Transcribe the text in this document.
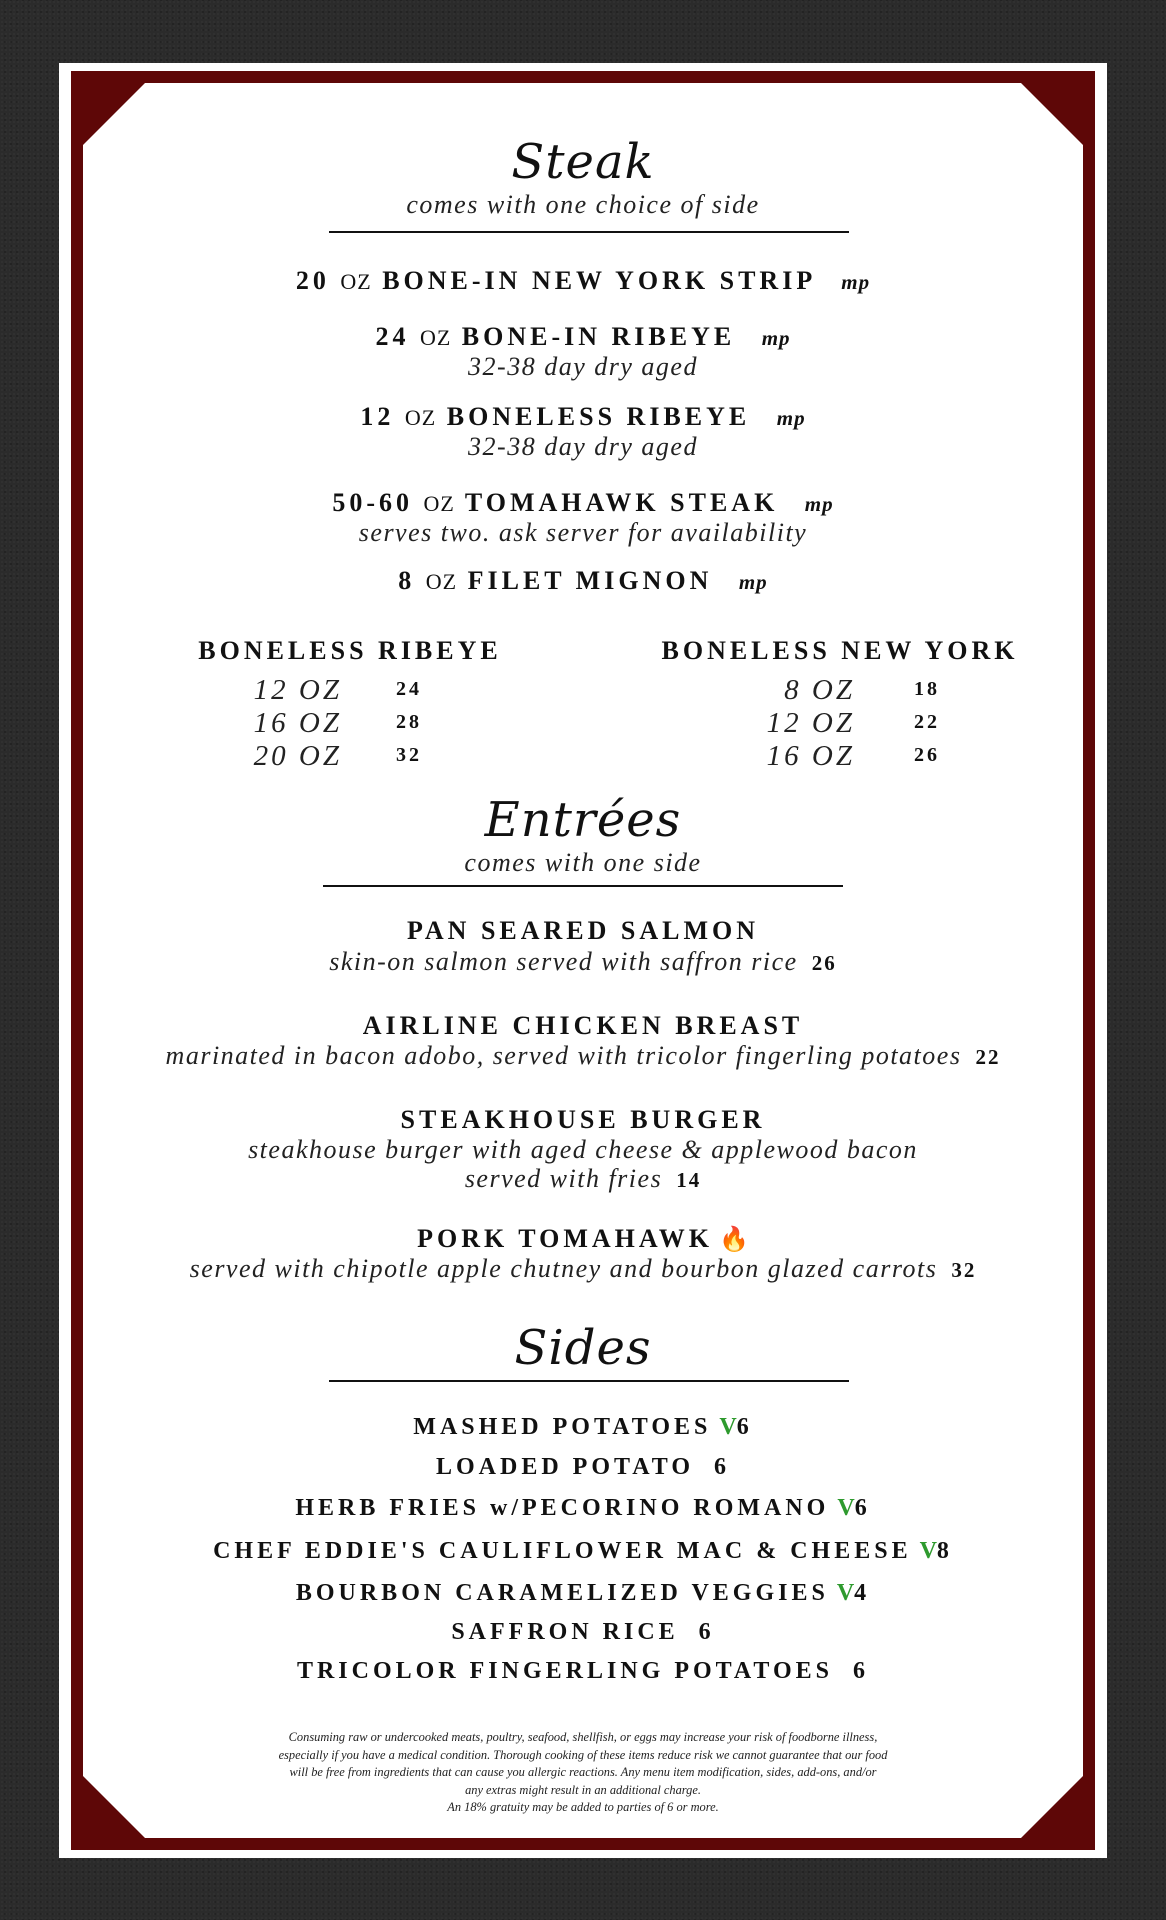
Steak
comes with one choice of side
20 OZ BONE-IN NEW YORK STRIP mp
24 OZ BONE-IN RIBEYE mp
32-38 day dry aged
12 OZ BONELESS RIBEYE mp
32-38 day dry aged
50-60 OZ TOMAHAWK STEAK mp
serves two. ask server for availability
8 OZ FILET MIGNON mp
BONELESS RIBEYE
12 OZ	24
16 OZ	28
20 OZ	32
BONELESS NEW YORK
8 OZ	18
12 OZ	22
16 OZ	26
Entrées
comes with one side
PAN SEARED SALMON
skin-on salmon served with saffron rice 26
AIRLINE CHICKEN BREAST
marinated in bacon adobo, served with tricolor fingerling potatoes 22
STEAKHOUSE BURGER
steakhouse burger with aged cheese & applewood bacon
served with fries 14
PORK TOMAHAWK 🔥
served with chipotle apple chutney and bourbon glazed carrots 32
Sides
MASHED POTATOES V6
LOADED POTATO 6
HERB FRIES w/PECORINO ROMANO V6
CHEF EDDIE'S CAULIFLOWER MAC & CHEESE V8
BOURBON CARAMELIZED VEGGIES V4
SAFFRON RICE 6
TRICOLOR FINGERLING POTATOES 6
Consuming raw or undercooked meats, poultry, seafood, shellfish, or eggs may increase your risk of foodborne illness,
especially if you have a medical condition. Thorough cooking of these items reduce risk we cannot guarantee that our food
will be free from ingredients that can cause you allergic reactions. Any menu item modification, sides, add-ons, and/or
any extras might result in an additional charge.
An 18% gratuity may be added to parties of 6 or more.
